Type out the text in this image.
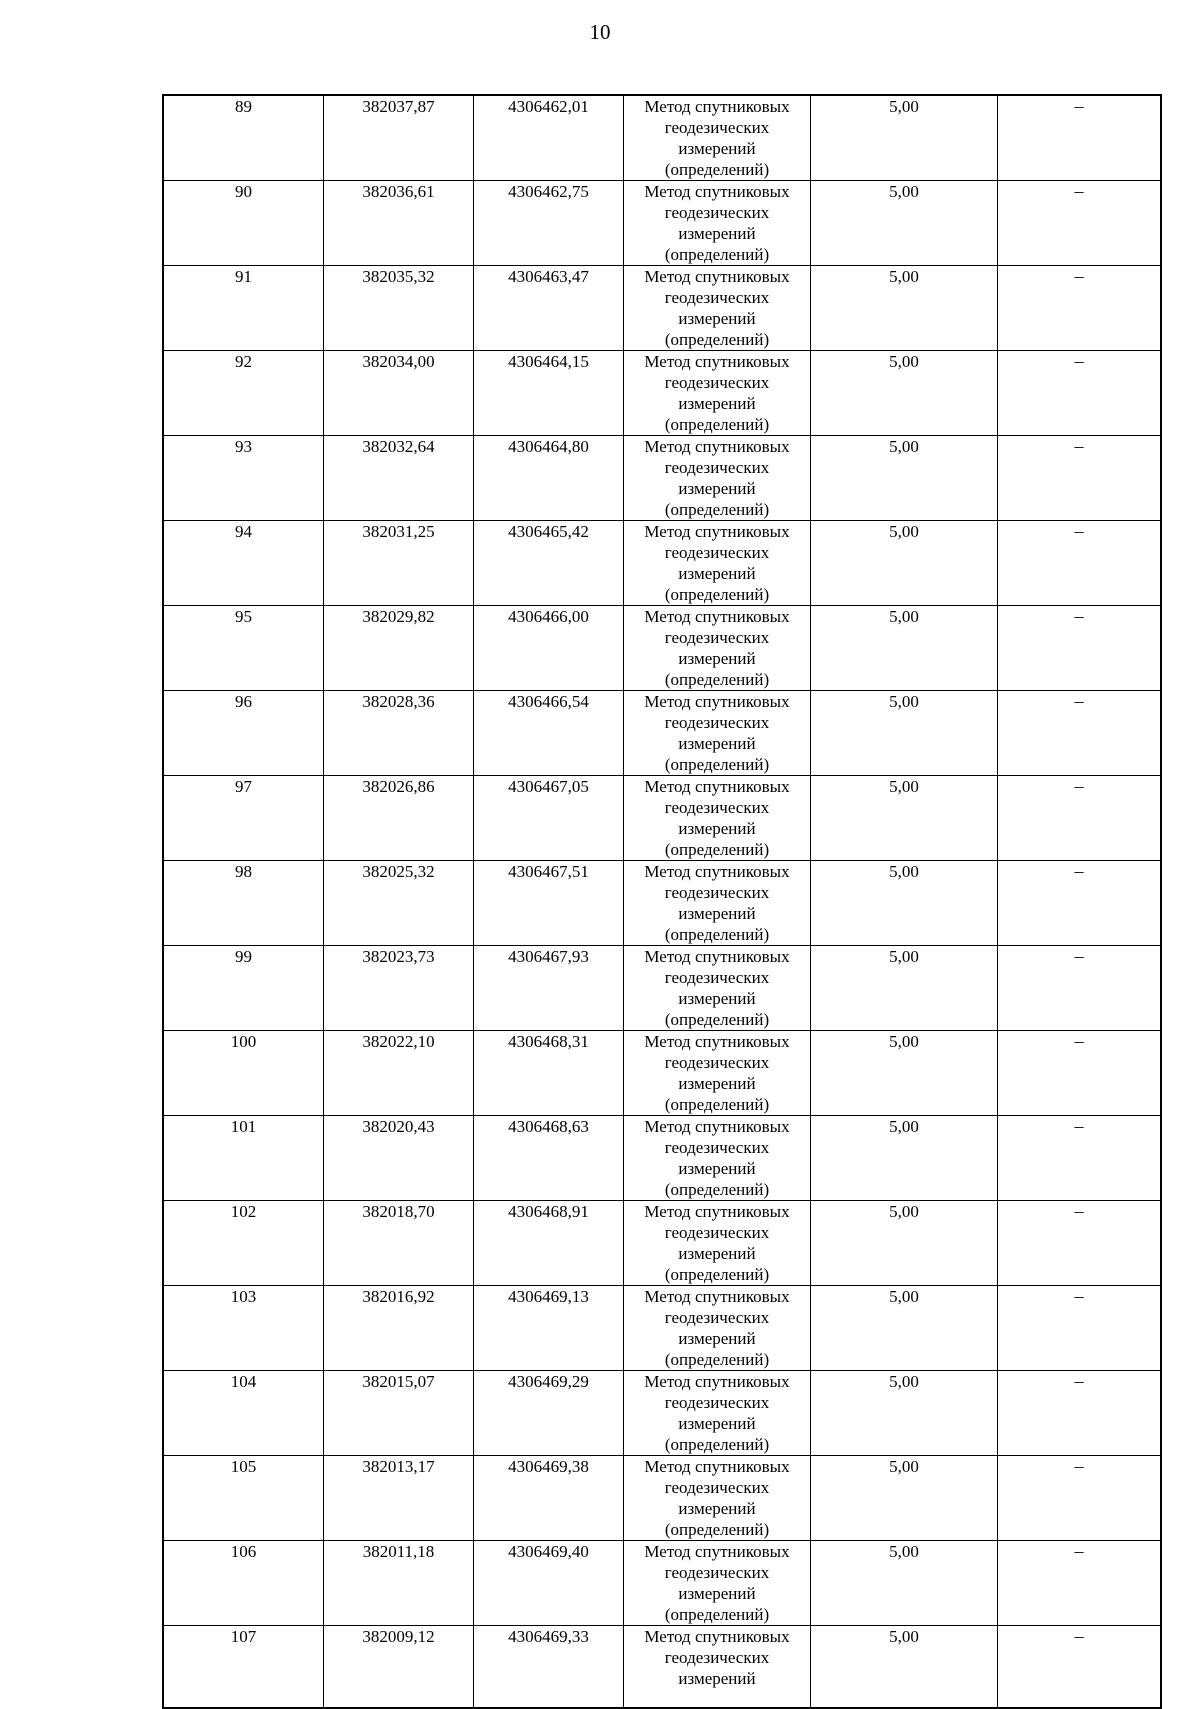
10
89	382037,87	4306462,01	Метод спутниковых
геодезических
измерений
(определений)	5,00	–
90	382036,61	4306462,75	Метод спутниковых
геодезических
измерений
(определений)	5,00	–
91	382035,32	4306463,47	Метод спутниковых
геодезических
измерений
(определений)	5,00	–
92	382034,00	4306464,15	Метод спутниковых
геодезических
измерений
(определений)	5,00	–
93	382032,64	4306464,80	Метод спутниковых
геодезических
измерений
(определений)	5,00	–
94	382031,25	4306465,42	Метод спутниковых
геодезических
измерений
(определений)	5,00	–
95	382029,82	4306466,00	Метод спутниковых
геодезических
измерений
(определений)	5,00	–
96	382028,36	4306466,54	Метод спутниковых
геодезических
измерений
(определений)	5,00	–
97	382026,86	4306467,05	Метод спутниковых
геодезических
измерений
(определений)	5,00	–
98	382025,32	4306467,51	Метод спутниковых
геодезических
измерений
(определений)	5,00	–
99	382023,73	4306467,93	Метод спутниковых
геодезических
измерений
(определений)	5,00	–
100	382022,10	4306468,31	Метод спутниковых
геодезических
измерений
(определений)	5,00	–
101	382020,43	4306468,63	Метод спутниковых
геодезических
измерений
(определений)	5,00	–
102	382018,70	4306468,91	Метод спутниковых
геодезических
измерений
(определений)	5,00	–
103	382016,92	4306469,13	Метод спутниковых
геодезических
измерений
(определений)	5,00	–
104	382015,07	4306469,29	Метод спутниковых
геодезических
измерений
(определений)	5,00	–
105	382013,17	4306469,38	Метод спутниковых
геодезических
измерений
(определений)	5,00	–
106	382011,18	4306469,40	Метод спутниковых
геодезических
измерений
(определений)	5,00	–
107	382009,12	4306469,33	Метод спутниковых
геодезических
измерений	5,00	–
